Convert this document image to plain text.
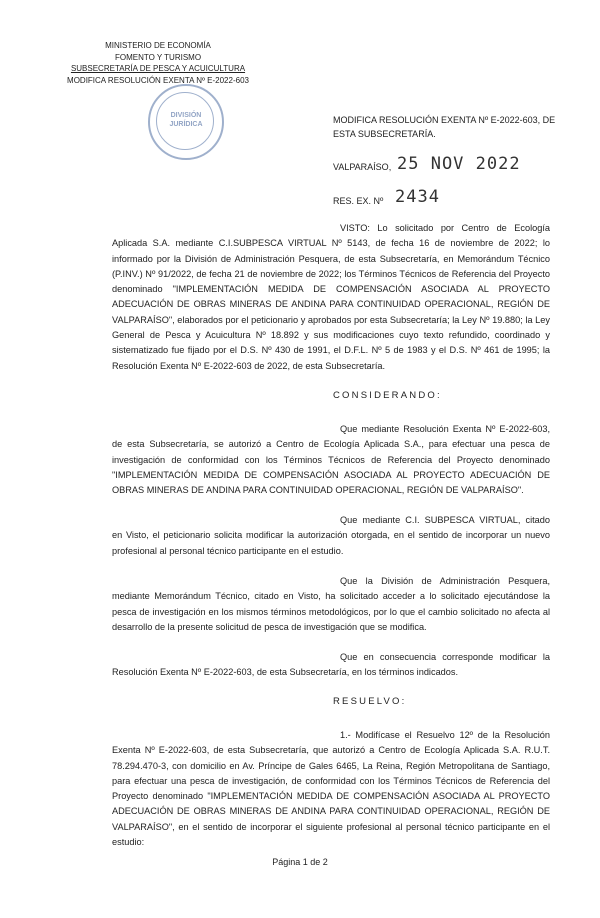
MINISTERIO DE ECONOMÍA
FOMENTO Y TURISMO
SUBSECRETARÍA DE PESCA Y ACUICULTURA
MODIFICA RESOLUCIÓN EXENTA Nº E-2022-603
DIVISIÓN
JURÍDICA	MODIFICA RESOLUCIÓN EXENTA Nº E-2022-603, DE ESTA SUBSECRETARÍA.
VALPARAÍSO, 25 NOV 2022
RES. EX. Nº 2434

VISTO: Lo solicitado por Centro de Ecología Aplicada S.A. mediante C.I.SUBPESCA VIRTUAL Nº 5143, de fecha 16 de noviembre de 2022; lo informado por la División de Administración Pesquera, de esta Subsecretaría, en Memorándum Técnico (P.INV.) Nº 91/2022, de fecha 21 de noviembre de 2022; los Términos Técnicos de Referencia del Proyecto denominado "IMPLEMENTACIÓN MEDIDA DE COMPENSACIÓN ASOCIADA AL PROYECTO ADECUACIÓN DE OBRAS MINERAS DE ANDINA PARA CONTINUIDAD OPERACIONAL, REGIÓN DE VALPARAÍSO", elaborados por el peticionario y aprobados por esta Subsecretaría; la Ley Nº 19.880; la Ley General de Pesca y Acuicultura Nº 18.892 y sus modificaciones cuyo texto refundido, coordinado y sistematizado fue fijado por el D.S. Nº 430 de 1991, el D.F.L. Nº 5 de 1983 y el D.S. Nº 461 de 1995; la Resolución Exenta Nº E-2022-603 de 2022, de esta Subsecretaría.

CONSIDERANDO:

Que mediante Resolución Exenta Nº E-2022-603, de esta Subsecretaría, se autorizó a Centro de Ecología Aplicada S.A., para efectuar una pesca de investigación de conformidad con los Términos Técnicos de Referencia del Proyecto denominado "IMPLEMENTACIÓN MEDIDA DE COMPENSACIÓN ASOCIADA AL PROYECTO ADECUACIÓN DE OBRAS MINERAS DE ANDINA PARA CONTINUIDAD OPERACIONAL, REGIÓN DE VALPARAÍSO".

Que mediante C.I. SUBPESCA VIRTUAL, citado en Visto, el peticionario solicita modificar la autorización otorgada, en el sentido de incorporar un nuevo profesional al personal técnico participante en el estudio.

Que la División de Administración Pesquera, mediante Memorándum Técnico, citado en Visto, ha solicitado acceder a lo solicitado ejecutándose la pesca de investigación en los mismos términos metodológicos, por lo que el cambio solicitado no afecta al desarrollo de la presente solicitud de pesca de investigación que se modifica.

Que en consecuencia corresponde modificar la Resolución Exenta Nº E-2022-603, de esta Subsecretaría, en los términos indicados.

RESUELVO:

1.- Modifícase el Resuelvo 12º de la Resolución Exenta Nº E-2022-603, de esta Subsecretaría, que autorizó a Centro de Ecología Aplicada S.A. R.U.T. 78.294.470-3, con domicilio en Av. Príncipe de Gales 6465, La Reina, Región Metropolitana de Santiago, para efectuar una pesca de investigación, de conformidad con los Términos Técnicos de Referencia del Proyecto denominado "IMPLEMENTACIÓN MEDIDA DE COMPENSACIÓN ASOCIADA AL PROYECTO ADECUACIÓN DE OBRAS MINERAS DE ANDINA PARA CONTINUIDAD OPERACIONAL, REGIÓN DE VALPARAÍSO", en el sentido de incorporar el siguiente profesional al personal técnico participante en el estudio:

Página 1 de 2
